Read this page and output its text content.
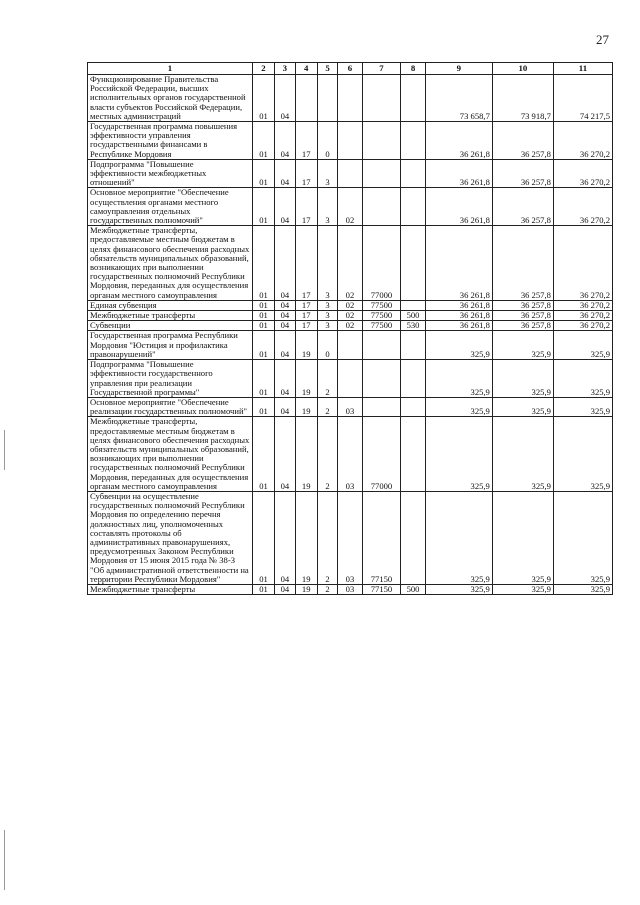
27
1	2	3	4	5	6	7	8	9	10	11
Функционирование Правительства Российской Федерации, высших исполнительных органов государственной власти субъектов Российской Федерации, местных администраций	01	04						73 658,7	73 918,7	74 217,5
Государственная программа повышения эффективности управления государственными финансами в Республике Мордовия	01	04	17	0				36 261,8	36 257,8	36 270,2
Подпрограмма "Повышение эффективности межбюджетных отношений"	01	04	17	3				36 261,8	36 257,8	36 270,2
Основное мероприятие "Обеспечение осуществления органами местного самоуправления отдельных государственных полномочий"	01	04	17	3	02			36 261,8	36 257,8	36 270,2
Межбюджетные трансферты, предоставляемые местным бюджетам в целях финансового обеспечения расходных обязательств муниципальных образований, возникающих при выполнении государственных полномочий Республики Мордовия, переданных для осуществления органам местного самоуправления	01	04	17	3	02	77000		36 261,8	36 257,8	36 270,2
Единая субвенция	01	04	17	3	02	77500		36 261,8	36 257,8	36 270,2
Межбюджетные трансферты	01	04	17	3	02	77500	500	36 261,8	36 257,8	36 270,2
Субвенции	01	04	17	3	02	77500	530	36 261,8	36 257,8	36 270,2
Государственная программа Республики Мордовия "Юстиция и профилактика правонарушений"	01	04	19	0				325,9	325,9	325,9
Подпрограмма "Повышение эффективности государственного управления при реализации Государственной программы"	01	04	19	2				325,9	325,9	325,9
Основное мероприятие "Обеспечение реализации государственных полномочий"	01	04	19	2	03			325,9	325,9	325,9
Межбюджетные трансферты, предоставляемые местным бюджетам в целях финансового обеспечения расходных обязательств муниципальных образований, возникающих при выполнении государственных полномочий Республики Мордовия, переданных для осуществления органам местного самоуправления	01	04	19	2	03	77000		325,9	325,9	325,9
Субвенции на осуществление государственных полномочий Республики Мордовия по определению перечня должностных лиц, уполномоченных составлять протоколы об административных правонарушениях, предусмотренных Законом Республики Мордовия от 15 июня 2015 года № 38-З "Об административной ответственности на территории Республики Мордовия"	01	04	19	2	03	77150		325,9	325,9	325,9
Межбюджетные трансферты	01	04	19	2	03	77150	500	325,9	325,9	325,9
